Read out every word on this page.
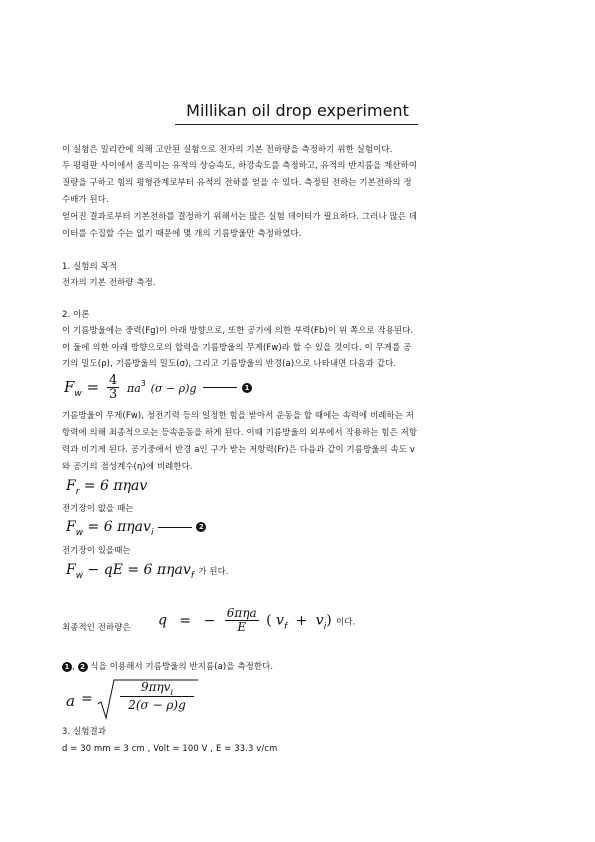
Millikan oil drop experiment
이 실험은 밀리칸에 의해 고안된 실험으로 전자의 기본 전하량을 측정하기 위한 실험이다.
두 평평판 사이에서 움직이는 유적의 상승속도, 하강속도를 측정하고, 유적의 반지름을 계산하여
질량을 구하고 힘의 평형관계로부터 유적의 전하를 얻을 수 있다. 측정된 전하는 기본전하의 정
수배가 된다.
얻어진 결과로부터 기본전하를 결정하기 위해서는 많은 실험 데이터가 필요하다. 그러나 많은 데
이터를 수집할 수는 없기 때문에 몇 개의 기름방울만 측정하였다.
1. 실험의 목적
전자의 기본 전하량 측정.
2. 이론
이 기름방울에는 중력(Fg)이 아래 방향으로, 또한 공기에 의한 부력(Fb)이 위 쪽으로 작용된다.
이 둘에 의한 아래 방향으로의 합력을 기름방울의 무게(Fw)라 할 수 있을 것이다. 이 무게를 공
기의 밀도(ρ), 기름방울의 밀도(σ), 그리고 기름방울의 반경(a)으로 나타내면 다음과 같다.
$F_w = \frac{4}{3} \pi a^3$ (σ − ρ)g	1
기름방울이 무게(Fw), 정전기력 등의 일정한 힘을 받아서 운동을 할 때에는 속력에 비례하는 저
항력에 의해 최종적으로는 등속운동을 하게 된다. 이때 기름방울의 외부에서 작용하는 힘은 저항
력과 비기게 된다. 공기중에서 반경 a인 구가 받는 저항력(Fr)은 다음과 같이 기름방울의 속도 v
와 공기의 점성계수(η)에 비례한다.
$F_r = 6$ πηav
전기장이 없을 때는
$F_w = 6$ πηav$_i$  2
전기장이 있을때는
$F_w$ − qE = 6 πηav$_f$ 가 된다.
최종적인 전하량은 q = − $\frac{\text{6πηa}}{E}$ ( $v_f + v_i$) 이다.
1 , 2 식을 이용해서 기름방울의 반지름(a)을 측정한다.
a =
9πηv$_i$
2(σ − ρ)g
3. 실험결과
d = 30 mm = 3 cm , Volt = 100 V , E = 33.3 v/cm
